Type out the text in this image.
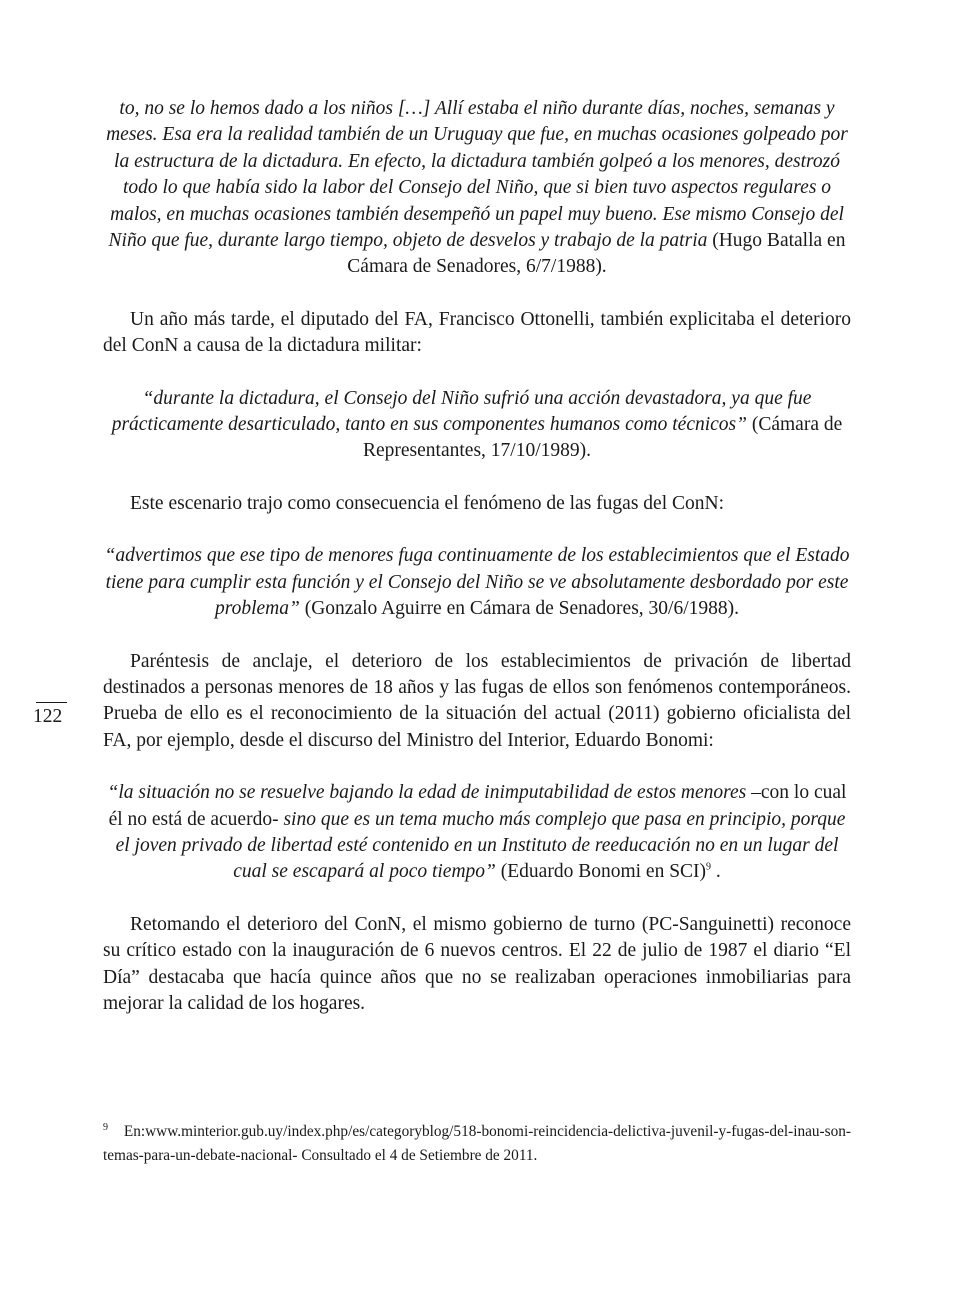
to, no se lo hemos dado a los niños […] Allí estaba el niño durante días, noches, semanas y meses. Esa era la realidad también de un Uruguay que fue, en muchas ocasiones golpeado por la estructura de la dictadura. En efecto, la dictadura también golpeó a los menores, destrozó todo lo que había sido la labor del Consejo del Niño, que si bien tuvo aspectos regulares o malos, en muchas ocasiones también desempeñó un papel muy bueno. Ese mismo Consejo del Niño que fue, durante largo tiempo, objeto de desvelos y trabajo de la patria (Hugo Batalla en Cámara de Senadores, 6/7/1988).

Un año más tarde, el diputado del FA, Francisco Ottonelli, también explicitaba el deterioro del ConN a causa de la dictadura militar:

“durante la dictadura, el Consejo del Niño sufrió una acción devastadora, ya que fue prácticamente desarticulado, tanto en sus componentes humanos como técnicos” (Cámara de Representantes, 17/10/1989).

Este escenario trajo como consecuencia el fenómeno de las fugas del ConN:

“advertimos que ese tipo de menores fuga continuamente de los establecimientos que el Estado tiene para cumplir esta función y el Consejo del Niño se ve absolutamente desbordado por este problema” (Gonzalo Aguirre en Cámara de Senadores, 30/6/1988).

Paréntesis de anclaje, el deterioro de los establecimientos de privación de libertad destinados a personas menores de 18 años y las fugas de ellos son fenómenos contemporáneos. Prueba de ello es el reconocimiento de la situación del actual (2011) gobierno oficialista del FA, por ejemplo, desde el discurso del Ministro del Interior, Eduardo Bonomi:

“la situación no se resuelve bajando la edad de inimputabilidad de estos menores –con lo cual él no está de acuerdo- sino que es un tema mucho más complejo que pasa en principio, porque el joven privado de libertad esté contenido en un Instituto de reeducación no en un lugar del cual se escapará al poco tiempo” (Eduardo Bonomi en SCI)$^9$ .

Retomando el deterioro del ConN, el mismo gobierno de turno (PC-Sanguinetti) reconoce su crítico estado con la inauguración de 6 nuevos centros. El 22 de julio de 1987 el diario “El Día” destacaba que hacía quince años que no se realizaban operaciones inmobiliarias para mejorar la calidad de los hogares.

122
$^9$ En:www.minterior.gub.uy/index.php/es/categoryblog/518-bonomi-reincidencia-delictiva-juvenil-y-fugas-del-inau-son-temas-para-un-debate-nacional- Consultado el 4 de Setiembre de 2011.
